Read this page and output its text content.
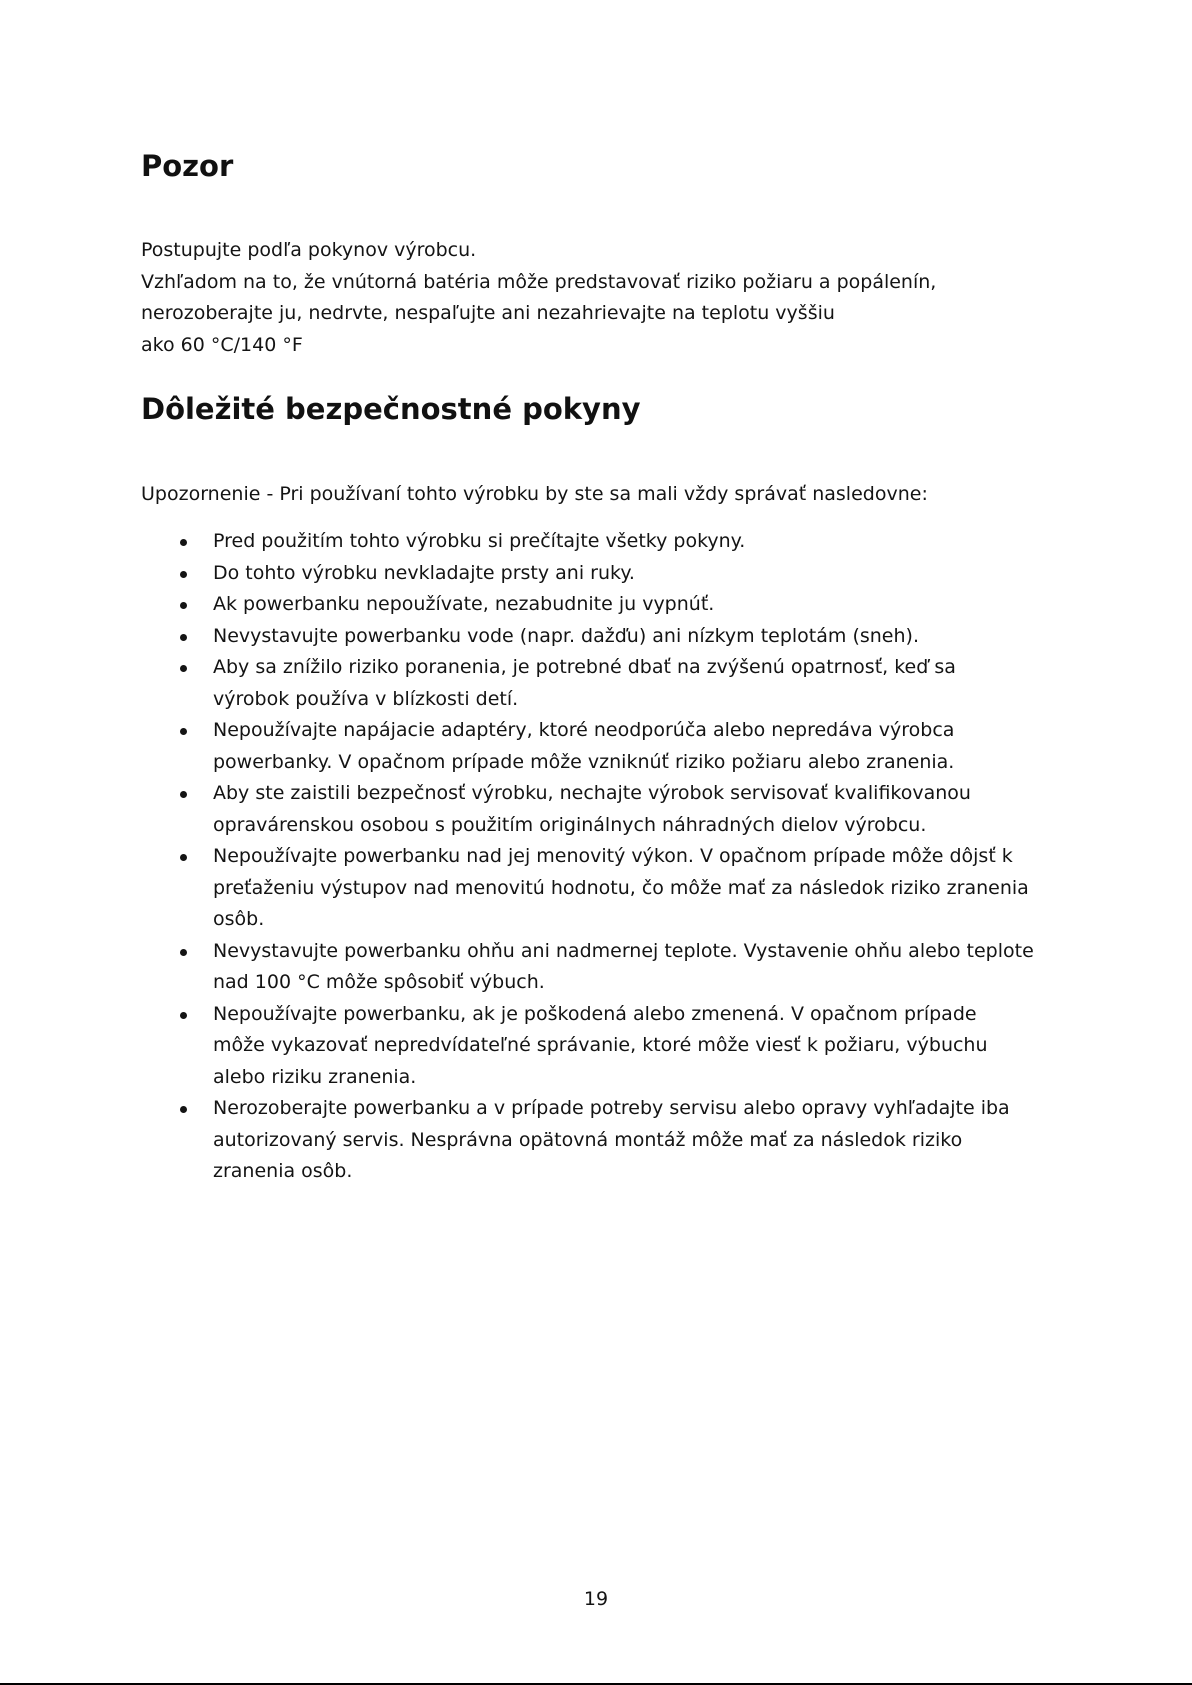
Pozor

Postupujte podľa pokynov výrobcu.
Vzhľadom na to, že vnútorná batéria môže predstavovať riziko požiaru a popálenín,
nerozoberajte ju, nedrvte, nespaľujte ani nezahrievajte na teplotu vyššiu
ako 60 °C/140 °F

Dôležité bezpečnostné pokyny

Upozornenie - Pri používaní tohto výrobku by ste sa mali vždy správať nasledovne:

Pred použitím tohto výrobku si prečítajte všetky pokyny.
Do tohto výrobku nevkladajte prsty ani ruky.
Ak powerbanku nepoužívate, nezabudnite ju vypnúť.
Nevystavujte powerbanku vode (napr. dažďu) ani nízkym teplotám (sneh).
Aby sa znížilo riziko poranenia, je potrebné dbať na zvýšenú opatrnosť, keď sa
výrobok používa v blízkosti detí.
Nepoužívajte napájacie adaptéry, ktoré neodporúča alebo nepredáva výrobca
powerbanky. V opačnom prípade môže vzniknúť riziko požiaru alebo zranenia.
Aby ste zaistili bezpečnosť výrobku, nechajte výrobok servisovať kvalifikovanou
opravárenskou osobou s použitím originálnych náhradných dielov výrobcu.
Nepoužívajte powerbanku nad jej menovitý výkon. V opačnom prípade môže dôjsť k
preťaženiu výstupov nad menovitú hodnotu, čo môže mať za následok riziko zranenia
osôb.
Nevystavujte powerbanku ohňu ani nadmernej teplote. Vystavenie ohňu alebo teplote
nad 100 °C môže spôsobiť výbuch.
Nepoužívajte powerbanku, ak je poškodená alebo zmenená. V opačnom prípade
môže vykazovať nepredvídateľné správanie, ktoré môže viesť k požiaru, výbuchu
alebo riziku zranenia.
Nerozoberajte powerbanku a v prípade potreby servisu alebo opravy vyhľadajte iba
autorizovaný servis. Nesprávna opätovná montáž môže mať za následok riziko
zranenia osôb.
19
